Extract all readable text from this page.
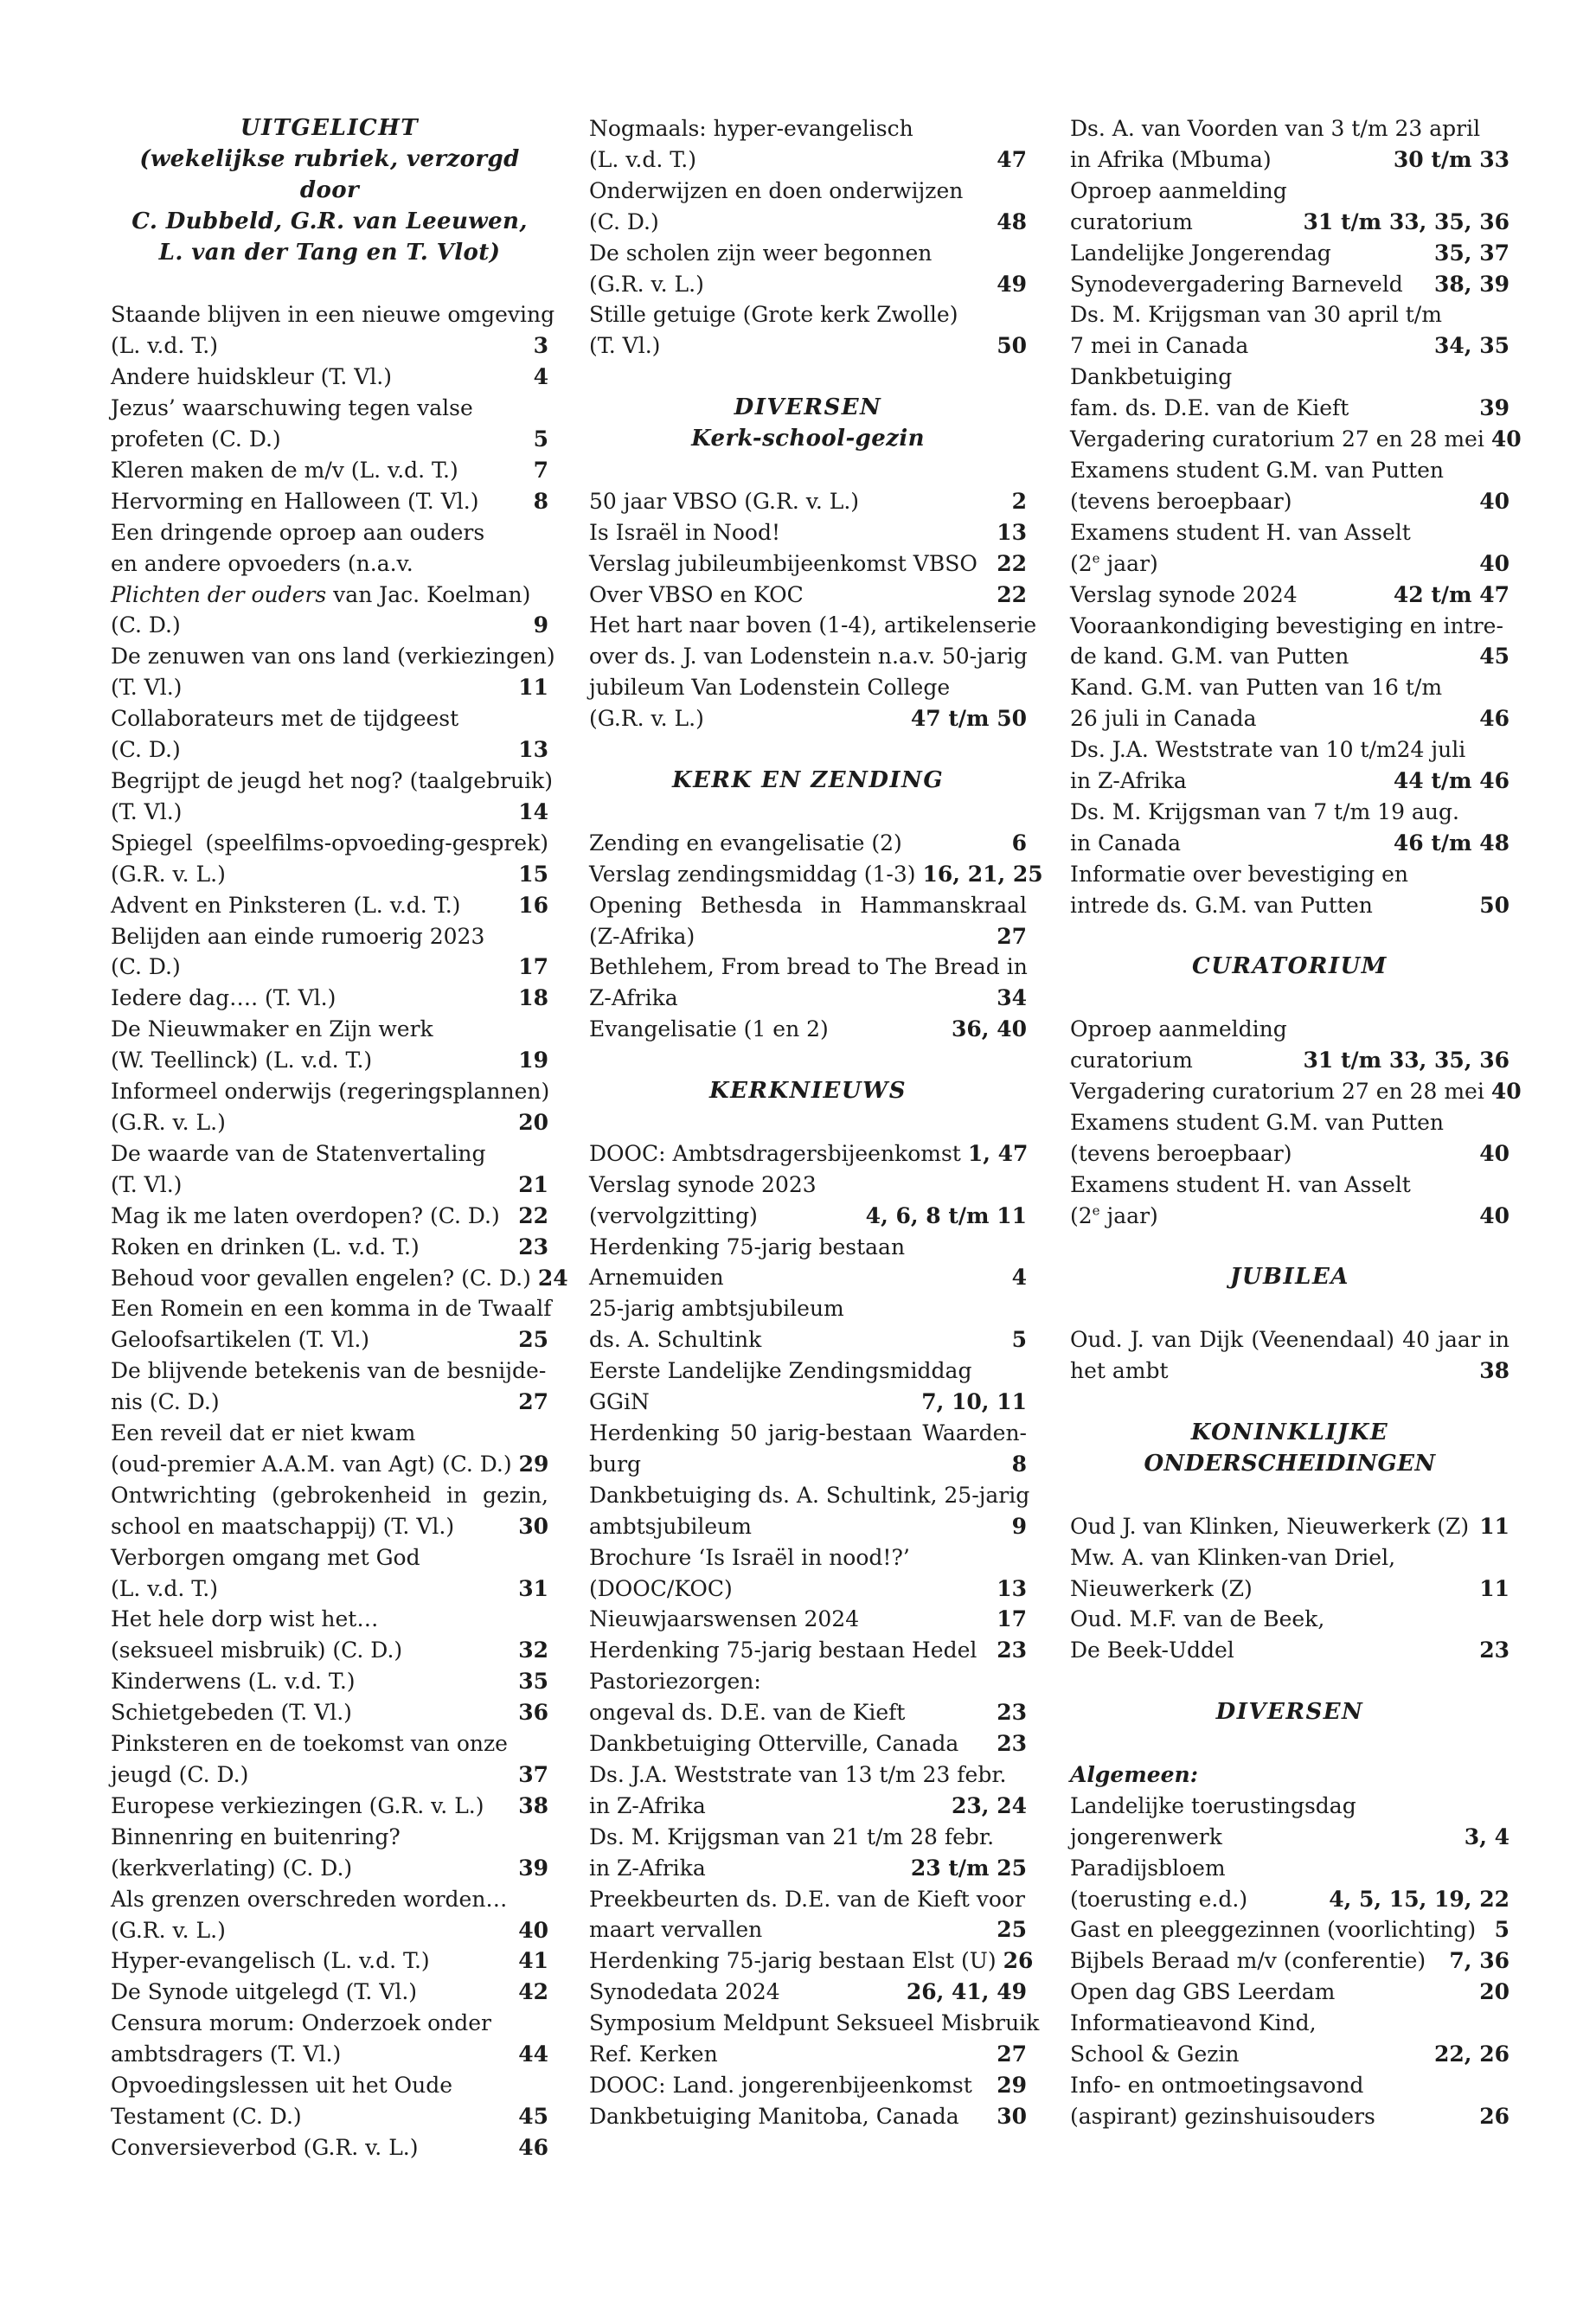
UITGELICHT
(wekelijkse rubriek, verzorgd door
C. Dubbeld, G.R. van Leeuwen,
L. van der Tang en T. Vlot)
Staande blijven in een nieuwe omgeving
(L. v.d. T.)	3
Andere huidskleur (T. Vl.)	4
Jezus’ waarschuwing tegen valse
profeten (C. D.)	5
Kleren maken de m/v (L. v.d. T.)	7
Hervorming en Halloween (T. Vl.)	8
Een dringende oproep aan ouders
en andere opvoeders (n.a.v.
Plichten der ouders van Jac. Koelman)
(C. D.)	9
De zenuwen van ons land (verkiezingen)
(T. Vl.)	11
Collaborateurs met de tijdgeest
(C. D.)	13
Begrijpt de jeugd het nog? (taalgebruik)
(T. Vl.)	14
Spiegel (speelfilms-opvoeding-gesprek)
(G.R. v. L.)	15
Advent en Pinksteren (L. v.d. T.)	16
Belijden aan einde rumoerig 2023
(C. D.)	17
Iedere dag…. (T. Vl.)	18
De Nieuwmaker en Zijn werk
(W. Teellinck) (L. v.d. T.)	19
Informeel onderwijs (regeringsplannen)
(G.R. v. L.)	20
De waarde van de Statenvertaling
(T. Vl.)	21
Mag ik me laten overdopen? (C. D.) 22
Roken en drinken (L. v.d. T.)	23
Behoud voor gevallen engelen? (C. D.) 24
Een Romein en een komma in de Twaalf
Geloofsartikelen (T. Vl.)	25
De blijvende betekenis van de besnijde-
nis (C. D.)	27
Een reveil dat er niet kwam
(oud-premier A.A.M. van Agt) (C. D.) 29
Ontwrichting (gebrokenheid in gezin,
school en maatschappij) (T. Vl.)	30
Verborgen omgang met God
(L. v.d. T.)	31
Het hele dorp wist het…
(seksueel misbruik) (C. D.)	32
Kinderwens (L. v.d. T.)	35
Schietgebeden (T. Vl.)	36
Pinksteren en de toekomst van onze
jeugd (C. D.)	37
Europese verkiezingen (G.R. v. L.)	38
Binnenring en buitenring?
(kerkverlating) (C. D.)	39
Als grenzen overschreden worden…
(G.R. v. L.)	40
Hyper-evangelisch (L. v.d. T.)	41
De Synode uitgelegd (T. Vl.)	42
Censura morum: Onderzoek onder
ambtsdragers (T. Vl.)	44
Opvoedingslessen uit het Oude
Testament (C. D.)	45
Conversieverbod (G.R. v. L.)	46
Nogmaals: hyper-evangelisch
(L. v.d. T.)	47
Onderwijzen en doen onderwijzen
(C. D.)	48
De scholen zijn weer begonnen
(G.R. v. L.)	49
Stille getuige (Grote kerk Zwolle)
(T. Vl.)	50
DIVERSEN
Kerk-school-gezin
50 jaar VBSO (G.R. v. L.)	2
Is Israël in Nood!	13
Verslag jubileumbijeenkomst VBSO 22
Over VBSO en KOC	22
Het hart naar boven (1-4), artikelenserie
over ds. J. van Lodenstein n.a.v. 50-jarig
jubileum Van Lodenstein College
(G.R. v. L.)	47 t/m 50
KERK EN ZENDING
Zending en evangelisatie (2)	6
Verslag zendingsmiddag (1-3) 16, 21, 25
Opening Bethesda in Hammanskraal
(Z-Afrika)	27
Bethlehem, From bread to The Bread in
Z-Afrika	34
Evangelisatie (1 en 2)	36, 40
KERKNIEUWS
DOOC: Ambtsdragersbijeenkomst 1, 47
Verslag synode 2023
(vervolgzitting)	4, 6, 8 t/m 11
Herdenking 75-jarig bestaan
Arnemuiden	4
25-jarig ambtsjubileum
ds. A. Schultink	5
Eerste Landelijke Zendingsmiddag
GGiN	7, 10, 11
Herdenking 50 jarig-bestaan Waarden-
burg	8
Dankbetuiging ds. A. Schultink, 25-jarig
ambtsjubileum	9
Brochure ‘Is Israël in nood!?’
(DOOC/KOC)	13
Nieuwjaarswensen 2024	17
Herdenking 75-jarig bestaan Hedel 23
Pastoriezorgen:
ongeval ds. D.E. van de Kieft	23
Dankbetuiging Otterville, Canada	23
Ds. J.A. Weststrate van 13 t/m 23 febr.
in Z-Afrika	23, 24
Ds. M. Krijgsman van 21 t/m 28 febr.
in Z-Afrika	23 t/m 25
Preekbeurten ds. D.E. van de Kieft voor
maart vervallen	25
Herdenking 75-jarig bestaan Elst (U) 26
Synodedata 2024	26, 41, 49
Symposium Meldpunt Seksueel Misbruik
Ref. Kerken	27
DOOC: Land. jongerenbijeenkomst	29
Dankbetuiging Manitoba, Canada	30
Ds. A. van Voorden van 3 t/m 23 april
in Afrika (Mbuma)	30 t/m 33
Oproep aanmelding
curatorium	31 t/m 33, 35, 36
Landelijke Jongerendag	35, 37
Synodevergadering Barneveld	38, 39
Ds. M. Krijgsman van 30 april t/m
7 mei in Canada	34, 35
Dankbetuiging
fam. ds. D.E. van de Kieft	39
Vergadering curatorium 27 en 28 mei 40
Examens student G.M. van Putten
(tevens beroepbaar)	40
Examens student H. van Asselt
(2e jaar)	40
Verslag synode 2024	42 t/m 47
Vooraankondiging bevestiging en intre-
de kand. G.M. van Putten	45
Kand. G.M. van Putten van 16 t/m
26 juli in Canada	46
Ds. J.A. Weststrate van 10 t/m24 juli
in Z-Afrika	44 t/m 46
Ds. M. Krijgsman van 7 t/m 19 aug.
in Canada	46 t/m 48
Informatie over bevestiging en
intrede ds. G.M. van Putten	50
CURATORIUM
Oproep aanmelding
curatorium	31 t/m 33, 35, 36
Vergadering curatorium 27 en 28 mei 40
Examens student G.M. van Putten
(tevens beroepbaar)	40
Examens student H. van Asselt
(2e jaar)	40
JUBILEA
Oud. J. van Dijk (Veenendaal) 40 jaar in
het ambt	38
KONINKLIJKE
ONDERSCHEIDINGEN
Oud J. van Klinken, Nieuwerkerk (Z) 11
Mw. A. van Klinken-van Driel,
Nieuwerkerk (Z)	11
Oud. M.F. van de Beek,
De Beek-Uddel	23
DIVERSEN
Algemeen:
Landelijke toerustingsdag
jongerenwerk	3, 4
Paradijsbloem
(toerusting e.d.)	4, 5, 15, 19, 22
Gast en pleeggezinnen (voorlichting) 5
Bijbels Beraad m/v (conferentie)	7, 36
Open dag GBS Leerdam	20
Informatieavond Kind,
School & Gezin	22, 26
Info- en ontmoetingsavond
(aspirant) gezinshuisouders	26
